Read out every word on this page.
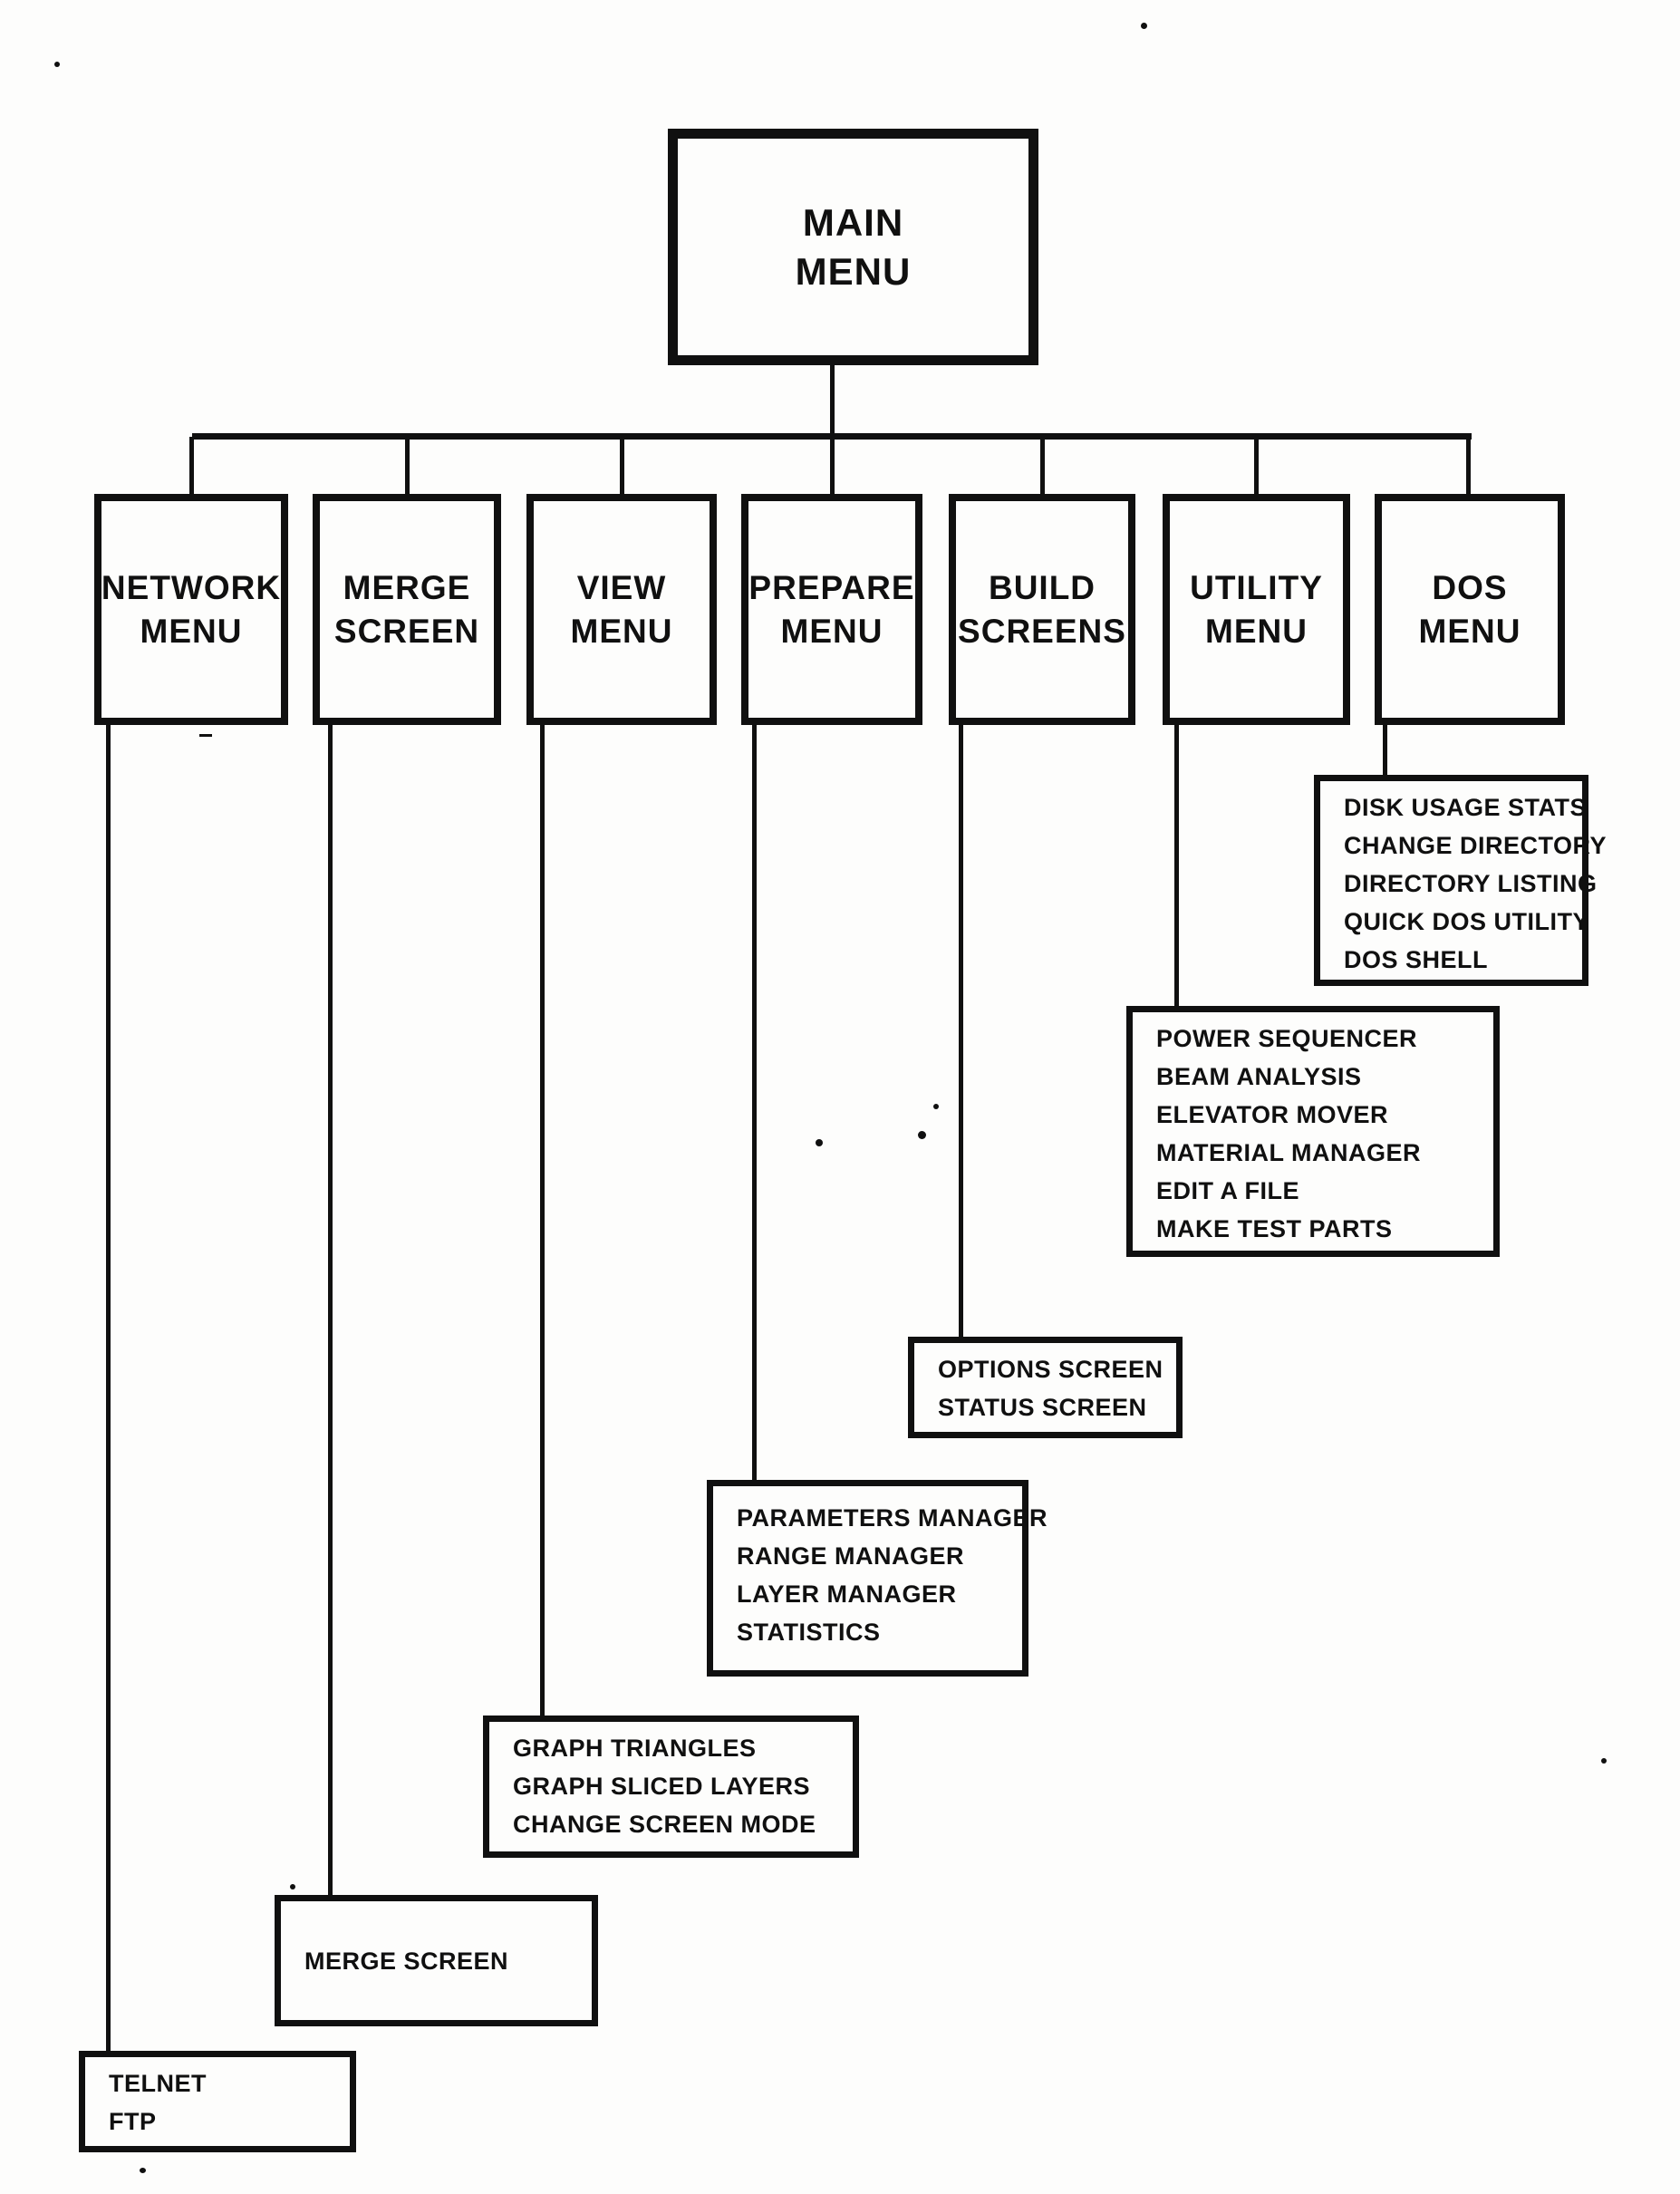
MAIN
MENU
NETWORK
MENU
MERGE
SCREEN
VIEW
MENU
PREPARE
MENU
BUILD
SCREENS
UTILITY
MENU
DOS
MENU
DISK USAGE STATS
CHANGE DIRECTORY
DIRECTORY LISTING
QUICK DOS UTILITY
DOS SHELL
POWER SEQUENCER
BEAM ANALYSIS
ELEVATOR MOVER
MATERIAL MANAGER
EDIT A FILE
MAKE TEST PARTS
OPTIONS SCREEN
STATUS SCREEN
PARAMETERS MANAGER
RANGE MANAGER
LAYER MANAGER
STATISTICS
GRAPH TRIANGLES
GRAPH SLICED LAYERS
CHANGE SCREEN MODE
MERGE SCREEN
TELNET
FTP
